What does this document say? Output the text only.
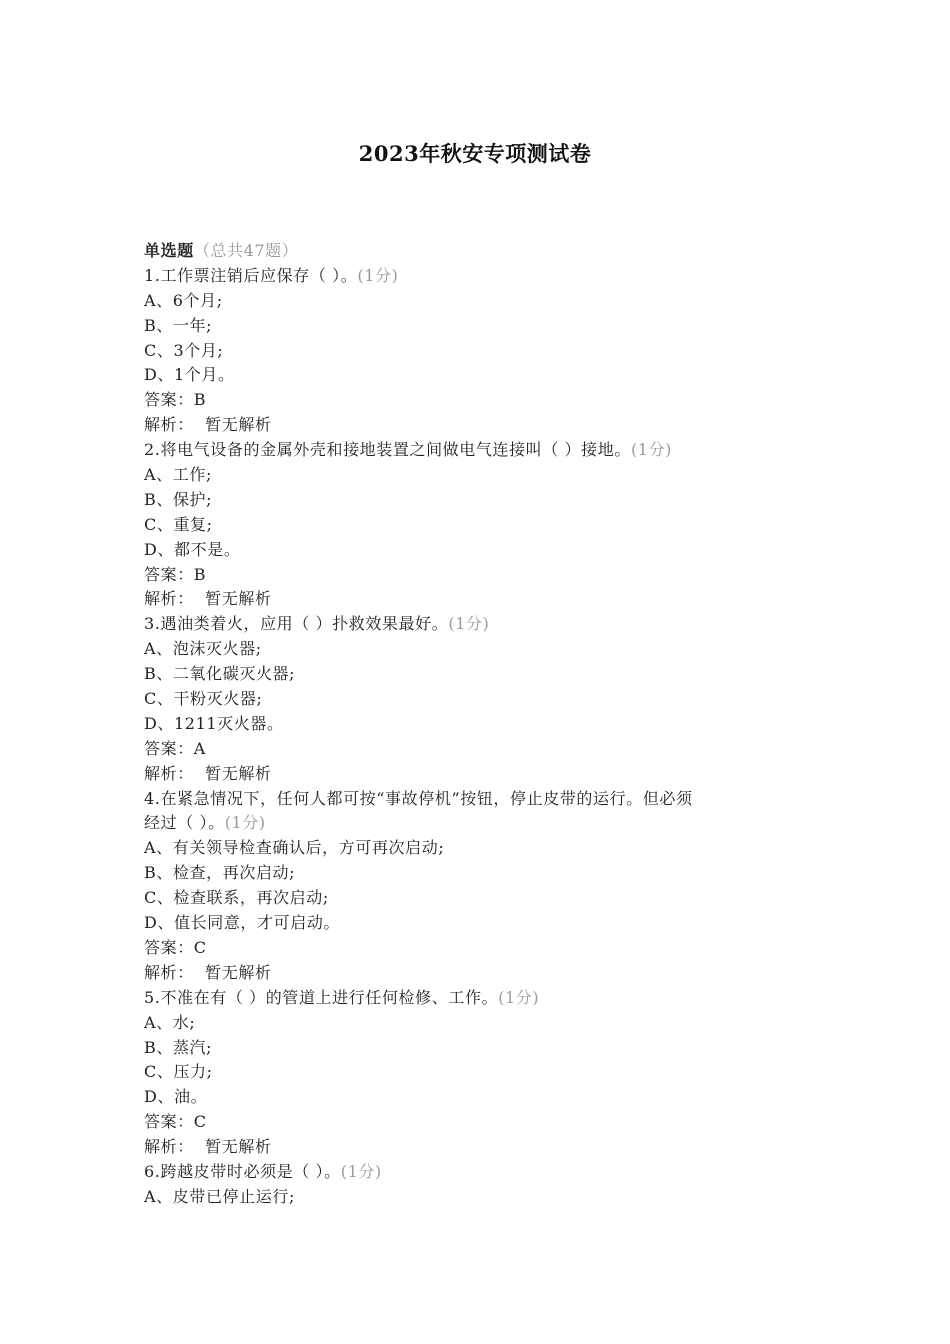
2023年秋安专项测试卷
单选题（总共47题）
1.工作票注销后应保存（ ）。(1分)
A、6个月;
B、一年;
C、3个月;
D、1个月。
答案：B
解析：  暂无解析
2.将电气设备的金属外壳和接地装置之间做电气连接叫（ ）接地。(1分)
A、工作;
B、保护;
C、重复;
D、都不是。
答案：B
解析：  暂无解析
3.遇油类着火，应用（ ）扑救效果最好。(1分)
A、泡沫灭火器;
B、二氧化碳灭火器;
C、干粉灭火器;
D、1211灭火器。
答案：A
解析：  暂无解析
4.在紧急情况下，任何人都可按“事故停机”按钮，停止皮带的运行。但必须
经过（ ）。(1分)
A、有关领导检查确认后，方可再次启动;
B、检查，再次启动;
C、检查联系，再次启动;
D、值长同意，才可启动。
答案：C
解析：  暂无解析
5.不准在有（ ）的管道上进行任何检修、工作。(1分)
A、水;
B、蒸汽;
C、压力;
D、油。
答案：C
解析：  暂无解析
6.跨越皮带时必须是（ ）。(1分)
A、皮带已停止运行;
